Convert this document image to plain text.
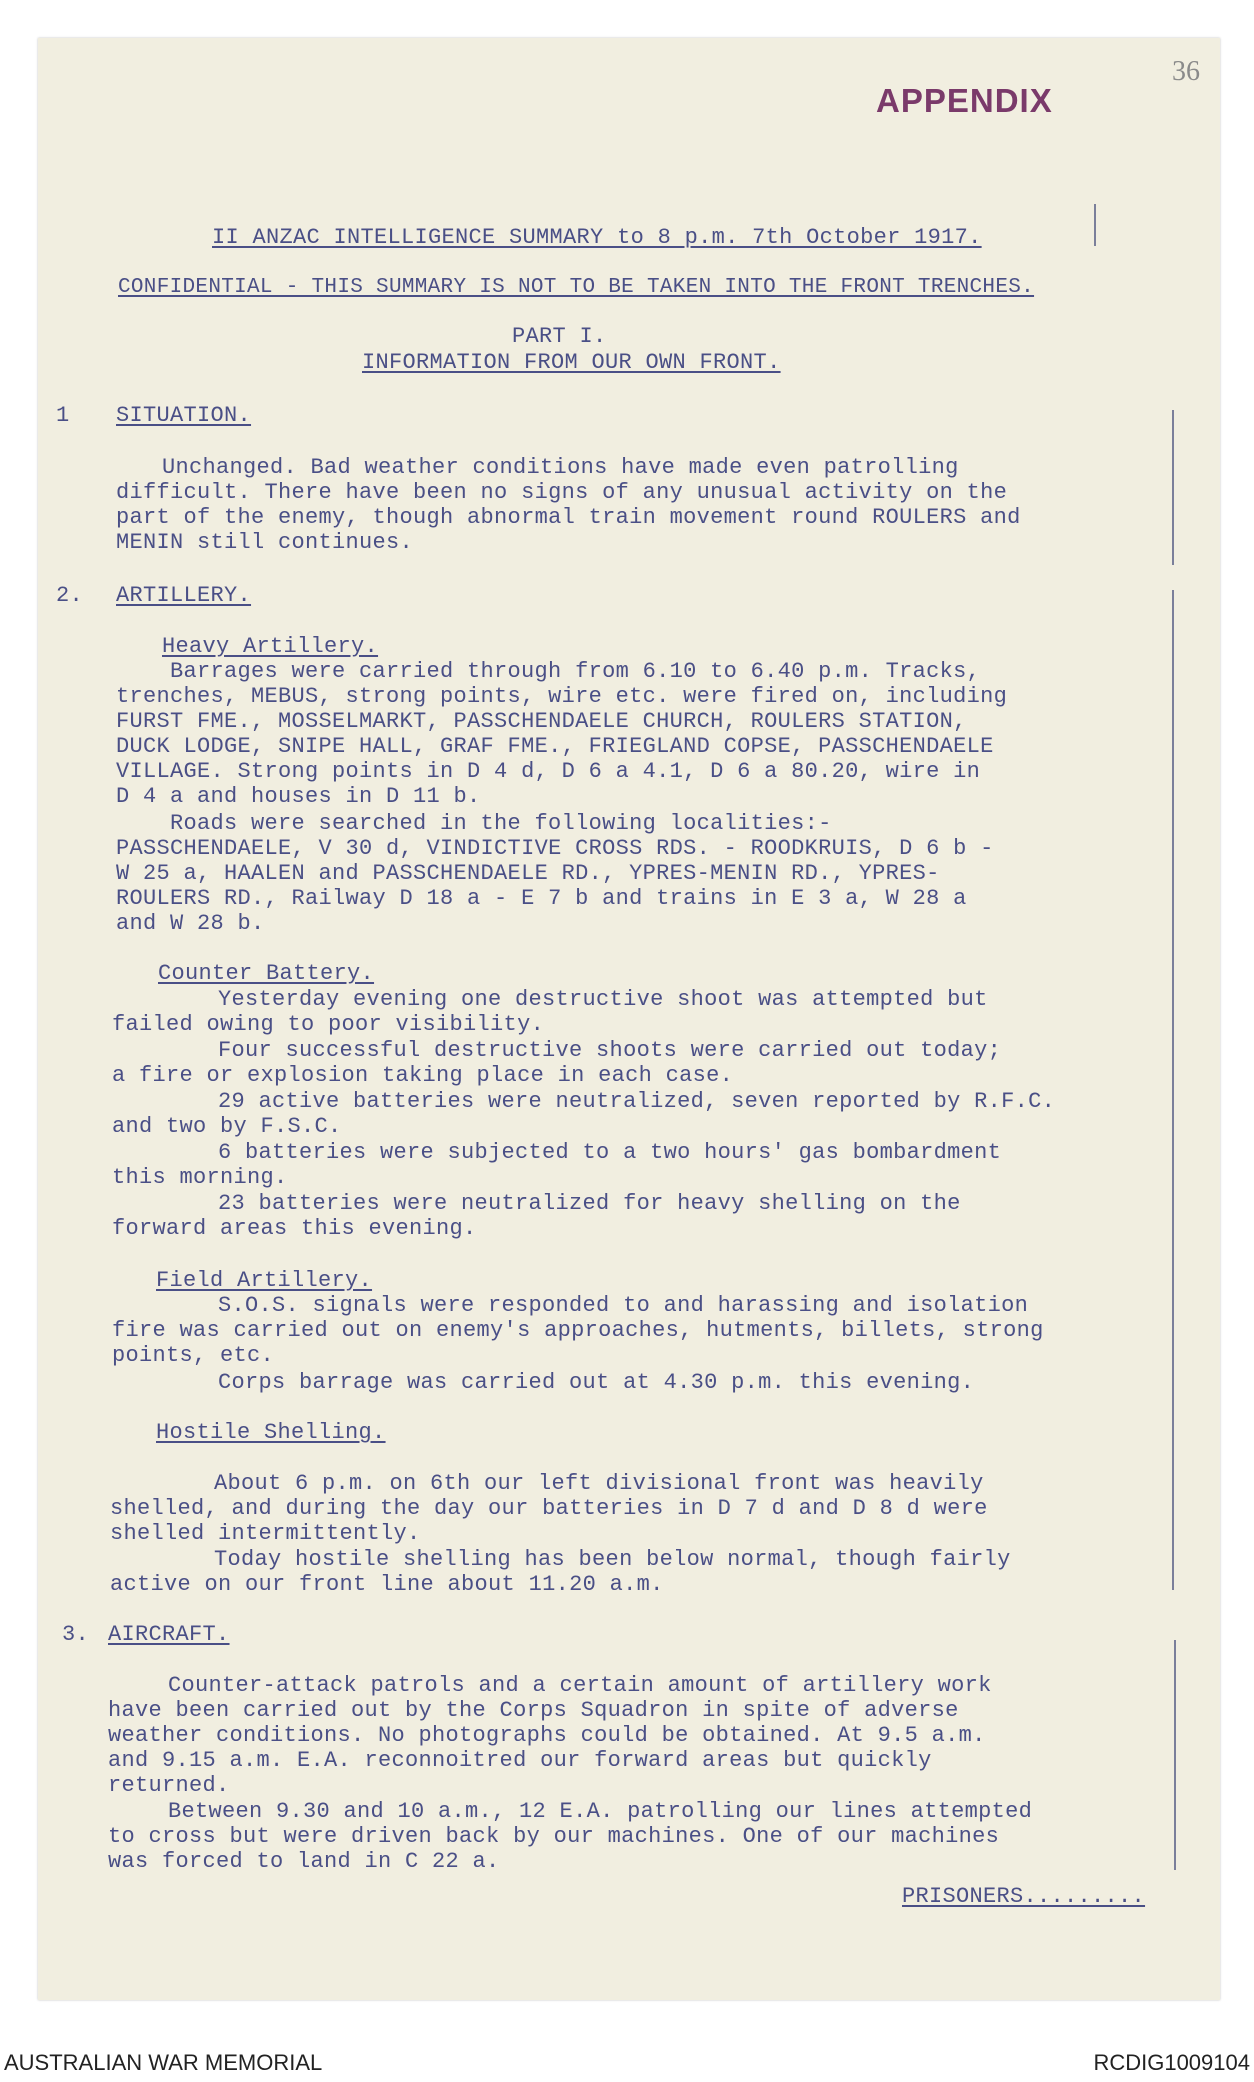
36
APPENDIX
II ANZAC INTELLIGENCE SUMMARY to 8 p.m. 7th October 1917.
CONFIDENTIAL - THIS SUMMARY IS NOT TO BE TAKEN INTO THE FRONT TRENCHES.
PART I.
INFORMATION FROM OUR OWN FRONT.
1 SITUATION.
Unchanged. Bad weather conditions have made even patrolling
difficult. There have been no signs of any unusual activity on the
part of the enemy, though abnormal train movement round ROULERS and
MENIN still continues.
2. ARTILLERY.
Heavy Artillery.
Barrages were carried through from 6.10 to 6.40 p.m. Tracks,
trenches, MEBUS, strong points, wire etc. were fired on, including
FURST FME., MOSSELMARKT, PASSCHENDAELE CHURCH, ROULERS STATION,
DUCK LODGE, SNIPE HALL, GRAF FME., FRIEGLAND COPSE, PASSCHENDAELE
VILLAGE. Strong points in D 4 d, D 6 a 4.1, D 6 a 80.20, wire in
D 4 a and houses in D 11 b.
Roads were searched in the following localities:-
PASSCHENDAELE, V 30 d, VINDICTIVE CROSS RDS. - ROODKRUIS, D 6 b -
W 25 a, HAALEN and PASSCHENDAELE RD., YPRES-MENIN RD., YPRES-
ROULERS RD., Railway D 18 a - E 7 b and trains in E 3 a, W 28 a
and W 28 b.
Counter Battery.
Yesterday evening one destructive shoot was attempted but
failed owing to poor visibility.
Four successful destructive shoots were carried out today;
a fire or explosion taking place in each case.
29 active batteries were neutralized, seven reported by R.F.C.
and two by F.S.C.
6 batteries were subjected to a two hours' gas bombardment
this morning.
23 batteries were neutralized for heavy shelling on the
forward areas this evening.
Field Artillery.
S.O.S. signals were responded to and harassing and isolation
fire was carried out on enemy's approaches, hutments, billets, strong
points, etc.
Corps barrage was carried out at 4.30 p.m. this evening.
Hostile Shelling.
About 6 p.m. on 6th our left divisional front was heavily
shelled, and during the day our batteries in D 7 d and D 8 d were
shelled intermittently.
Today hostile shelling has been below normal, though fairly
active on our front line about 11.20 a.m.
3. AIRCRAFT.
Counter-attack patrols and a certain amount of artillery work
have been carried out by the Corps Squadron in spite of adverse
weather conditions. No photographs could be obtained. At 9.5 a.m.
and 9.15 a.m. E.A. reconnoitred our forward areas but quickly
returned.
Between 9.30 and 10 a.m., 12 E.A. patrolling our lines attempted
to cross but were driven back by our machines. One of our machines
was forced to land in C 22 a.
PRISONERS.........
AUSTRALIAN WAR MEMORIAL	RCDIG1009104
